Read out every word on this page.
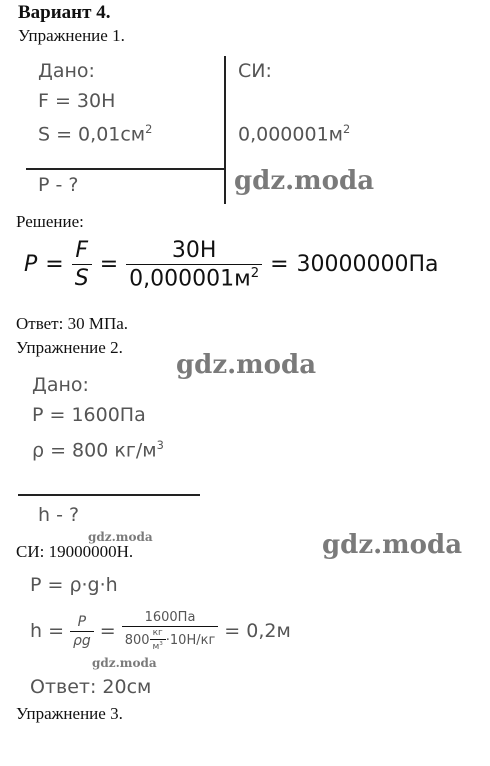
Вариант 4.
Упражнение 1.
Дано:
F = 30Н
$S = 0,01см^2$
Р - ?
СИ:
$0,000001м^2$
gdz.moda
Решение:
$P = \frac{F}{S} = \frac{30Н}{0,000001м^2} = 30000000Па$
Ответ: 30 МПа.
Упражнение 2.
gdz.moda
Дано:
Р = 1600Па
ρ = 800 $кг/м^3$
h - ?
gdz.moda
СИ: 19000000Н.	gdz.moda
Р = ρ·g·h
$h = \frac{P}{\rho g} = \frac{1600Па}{800 \frac{кг}{м^3} \cdot 10Н/кг} = 0,2м$
gdz.moda
Ответ: 20см
Упражнение 3.
